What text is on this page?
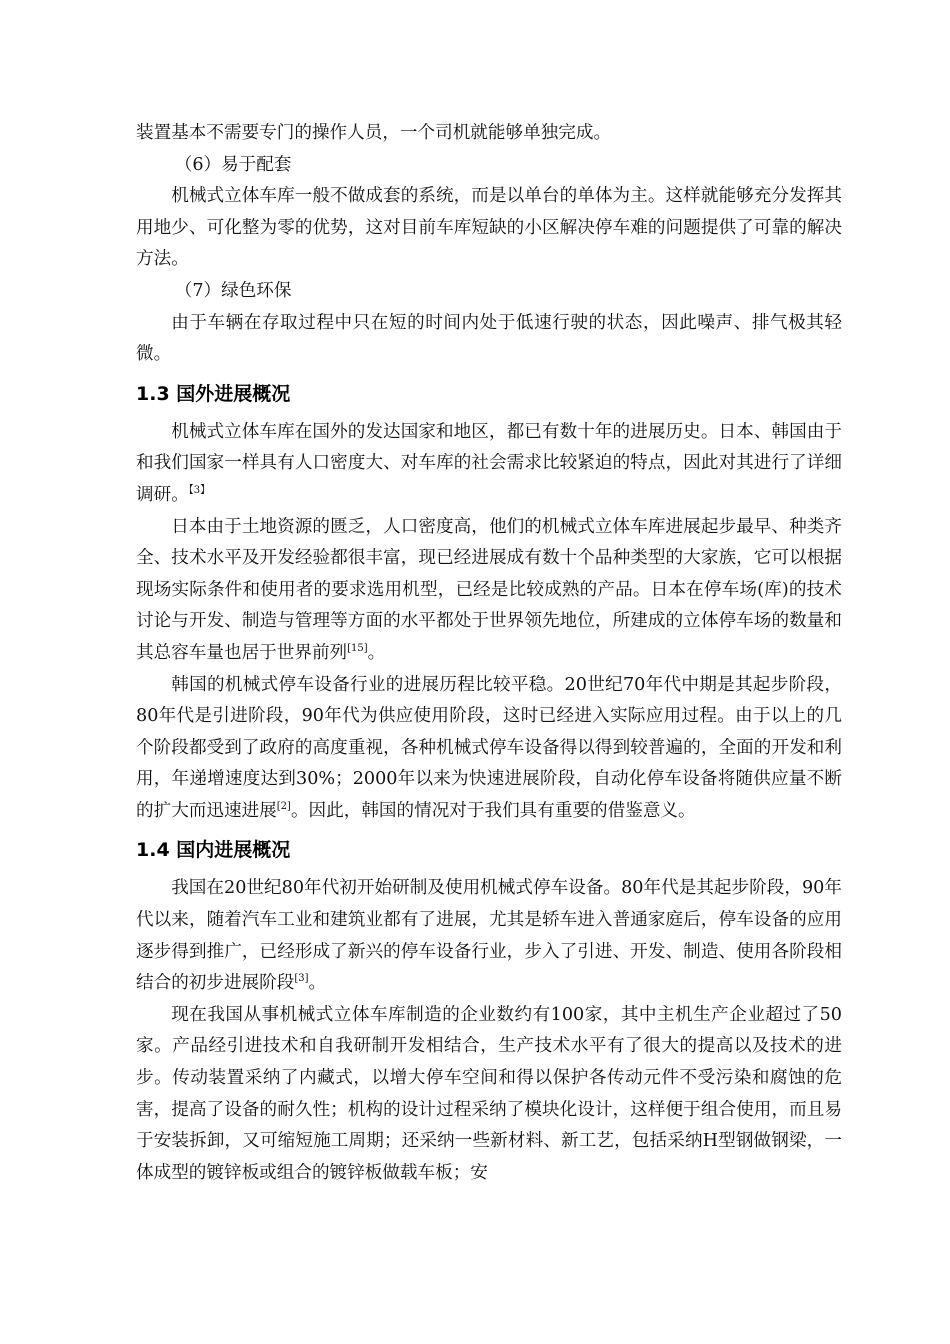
装置基本不需要专门的操作人员，一个司机就能够单独完成。

（6）易于配套

机械式立体车库一般不做成套的系统，而是以单台的单体为主。这样就能够充分发挥其用地少、可化整为零的优势，这对目前车库短缺的小区解决停车难的问题提供了可靠的解决方法。

（7）绿色环保

由于车辆在存取过程中只在短的时间内处于低速行驶的状态，因此噪声、排气极其轻微。

1.3 国外进展概况

机械式立体车库在国外的发达国家和地区，都已有数十年的进展历史。日本、韩国由于和我们国家一样具有人口密度大、对车库的社会需求比较紧迫的特点，因此对其进行了详细调研。$^{【3】}$

日本由于土地资源的匮乏，人口密度高，他们的机械式立体车库进展起步最早、种类齐全、技术水平及开发经验都很丰富，现已经进展成有数十个品种类型的大家族，它可以根据现场实际条件和使用者的要求选用机型，已经是比较成熟的产品。日本在停车场(库)的技术讨论与开发、制造与管理等方面的水平都处于世界领先地位，所建成的立体停车场的数量和其总容车量也居于世界前列[15]。

韩国的机械式停车设备行业的进展历程比较平稳。20世纪70年代中期是其起步阶段，80年代是引进阶段，90年代为供应使用阶段，这时已经进入实际应用过程。由于以上的几个阶段都受到了政府的高度重视，各种机械式停车设备得以得到较普遍的，全面的开发和利用，年递增速度达到30%；2000年以来为快速进展阶段，自动化停车设备将随供应量不断的扩大而迅速进展[2]。因此，韩国的情况对于我们具有重要的借鉴意义。

1.4 国内进展概况

我国在20世纪80年代初开始研制及使用机械式停车设备。80年代是其起步阶段，90年代以来，随着汽车工业和建筑业都有了进展，尤其是轿车进入普通家庭后，停车设备的应用逐步得到推广，已经形成了新兴的停车设备行业，步入了引进、开发、制造、使用各阶段相结合的初步进展阶段[3]。

现在我国从事机械式立体车库制造的企业数约有100家，其中主机生产企业超过了50家。产品经引进技术和自我研制开发相结合，生产技术水平有了很大的提高以及技术的进步。传动装置采纳了内藏式，以增大停车空间和得以保护各传动元件不受污染和腐蚀的危害，提高了设备的耐久性；机构的设计过程采纳了模块化设计，这样便于组合使用，而且易于安装拆卸，又可缩短施工周期；还采纳一些新材料、新工艺，包括采纳H型钢做钢梁，一体成型的镀锌板或组合的镀锌板做载车板；安
